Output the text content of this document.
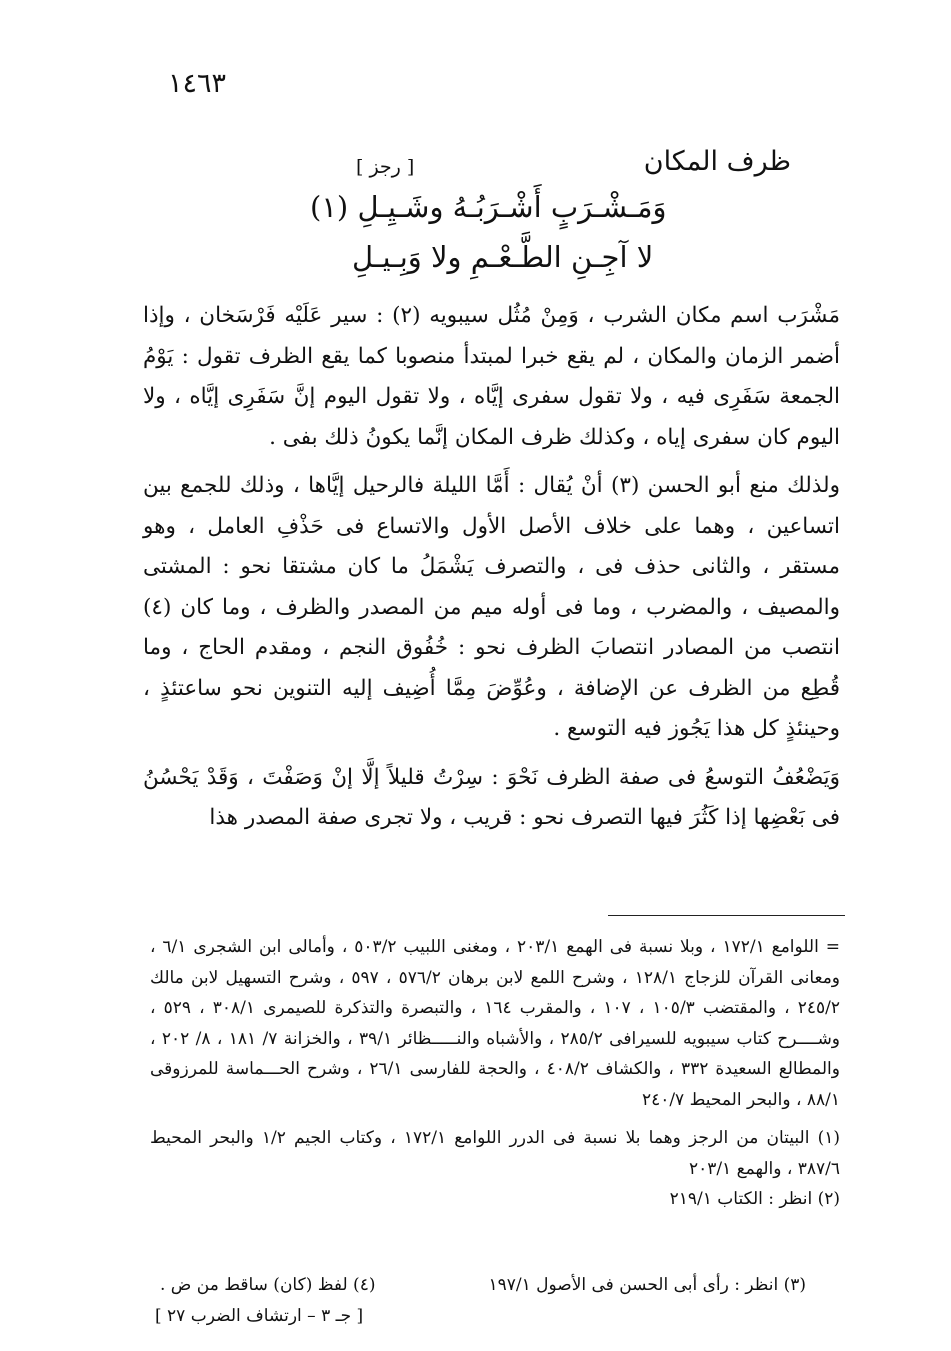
١٤٦٣
ظرف المكان
[ رجز ]
وَمَـشْـرَبٍ أَشْـرَبُـهُ وشَـيِـلِ (١)
لا آجِـنِ الطَّـعْـمِ ولا وَبِـيـلِ

مَشْرَب اسم مكان الشرب ، وَمِنْ مُثُل سيبويه (٢) : سير عَلَيْه فَرْسَخان ، وإذا أضمر الزمان والمكان ، لم يقع خبرا لمبتدأ منصوبا كما يقع الظرف تقول : يَوْمُ الجمعة سَفَرِى فيه ، ولا تقول سفرى إيَّاه ، ولا تقول اليوم إنَّ سَفَرِى إيَّاه ، ولا اليوم كان سفرى إياه ، وكذلك ظرف المكان إنَّما يكونُ ذلك بفى .

ولذلك منع أبو الحسن (٣) أنْ يُقال : أَمَّا الليلة فالرحيل إيَّاها ، وذلك للجمع بين اتساعين ، وهما على خلاف الأصل الأول والاتساع فى حَذْفِ العامل ، وهو مستقر ، والثانى حذف فى ، والتصرف يَشْمَلُ ما كان مشتقا نحو : المشتى والمصيف ، والمضرب ، وما فى أوله ميم من المصدر والظرف ، وما كان (٤) انتصب من المصادر انتصابَ الظرف نحو : خُفُوق النجم ، ومقدم الحاج ، وما قُطِع من الظرف عن الإضافة ، وعُوِّضَ مِمَّا أُضِيف إليه التنوين نحو ساعتئذٍ ، وحينئذٍ كل هذا يَجُوز فيه التوسع .

وَيَضْعُفُ التوسعُ فى صفة الظرف نَحْوَ : سِرْتُ قليلاً إلَّا إنْ وَصَفْتَ ، وَقَدْ يَحْسُنُ فى بَعْضِها إذا كَثُرَ فيها التصرف نحو : قريب ، ولا تجرى صفة المصدر هذا

= اللوامع ١٧٢/١ ، وبلا نسبة فى الهمع ٢٠٣/١ ، ومغنى اللبيب ٥٠٣/٢ ، وأمالى ابن الشجرى ٦/١ ، ومعانى القرآن للزجاج ١٢٨/١ ، وشرح اللمع لابن برهان ٥٧٦/٢ ، ٥٩٧ ، وشرح التسهيل لابن مالك ٢٤٥/٢ ، والمقتضب ١٠٥/٣ ، ١٠٧ ، والمقرب ١٦٤ ، والتبصرة والتذكرة للصيمرى ٣٠٨/١ ، ٥٢٩ ، وشــــرح كتاب سيبويه للسيرافى ٢٨٥/٢ ، والأشباه والنـــــظائر ٣٩/١ ، والخزانة ٧/ ١٨١ ، ٨/ ٢٠٢ ، والمطالع السعيدة ٣٣٢ ، والكشاف ٤٠٨/٢ ، والحجة للفارسى ٢٦/١ ، وشرح الحـــماسة للمرزوقى ٨٨/١ ، والبحر المحيط ٢٤٠/٧

(١) البيتان من الرجز وهما بلا نسبة فى الدرر اللوامع ١٧٢/١ ، وكتاب الجيم ١/٢ والبحر المحيط ٣٨٧/٦ ، والهمع ٢٠٣/١

(٢) انظر : الكتاب ٢١٩/١

(٣) انظر : رأى أبى الحسن فى الأصول ١٩٧/١
(٤) لفظ (كان) ساقط من ض .
[ جـ ٣ – ارتشاف الضرب ٢٧ ]
